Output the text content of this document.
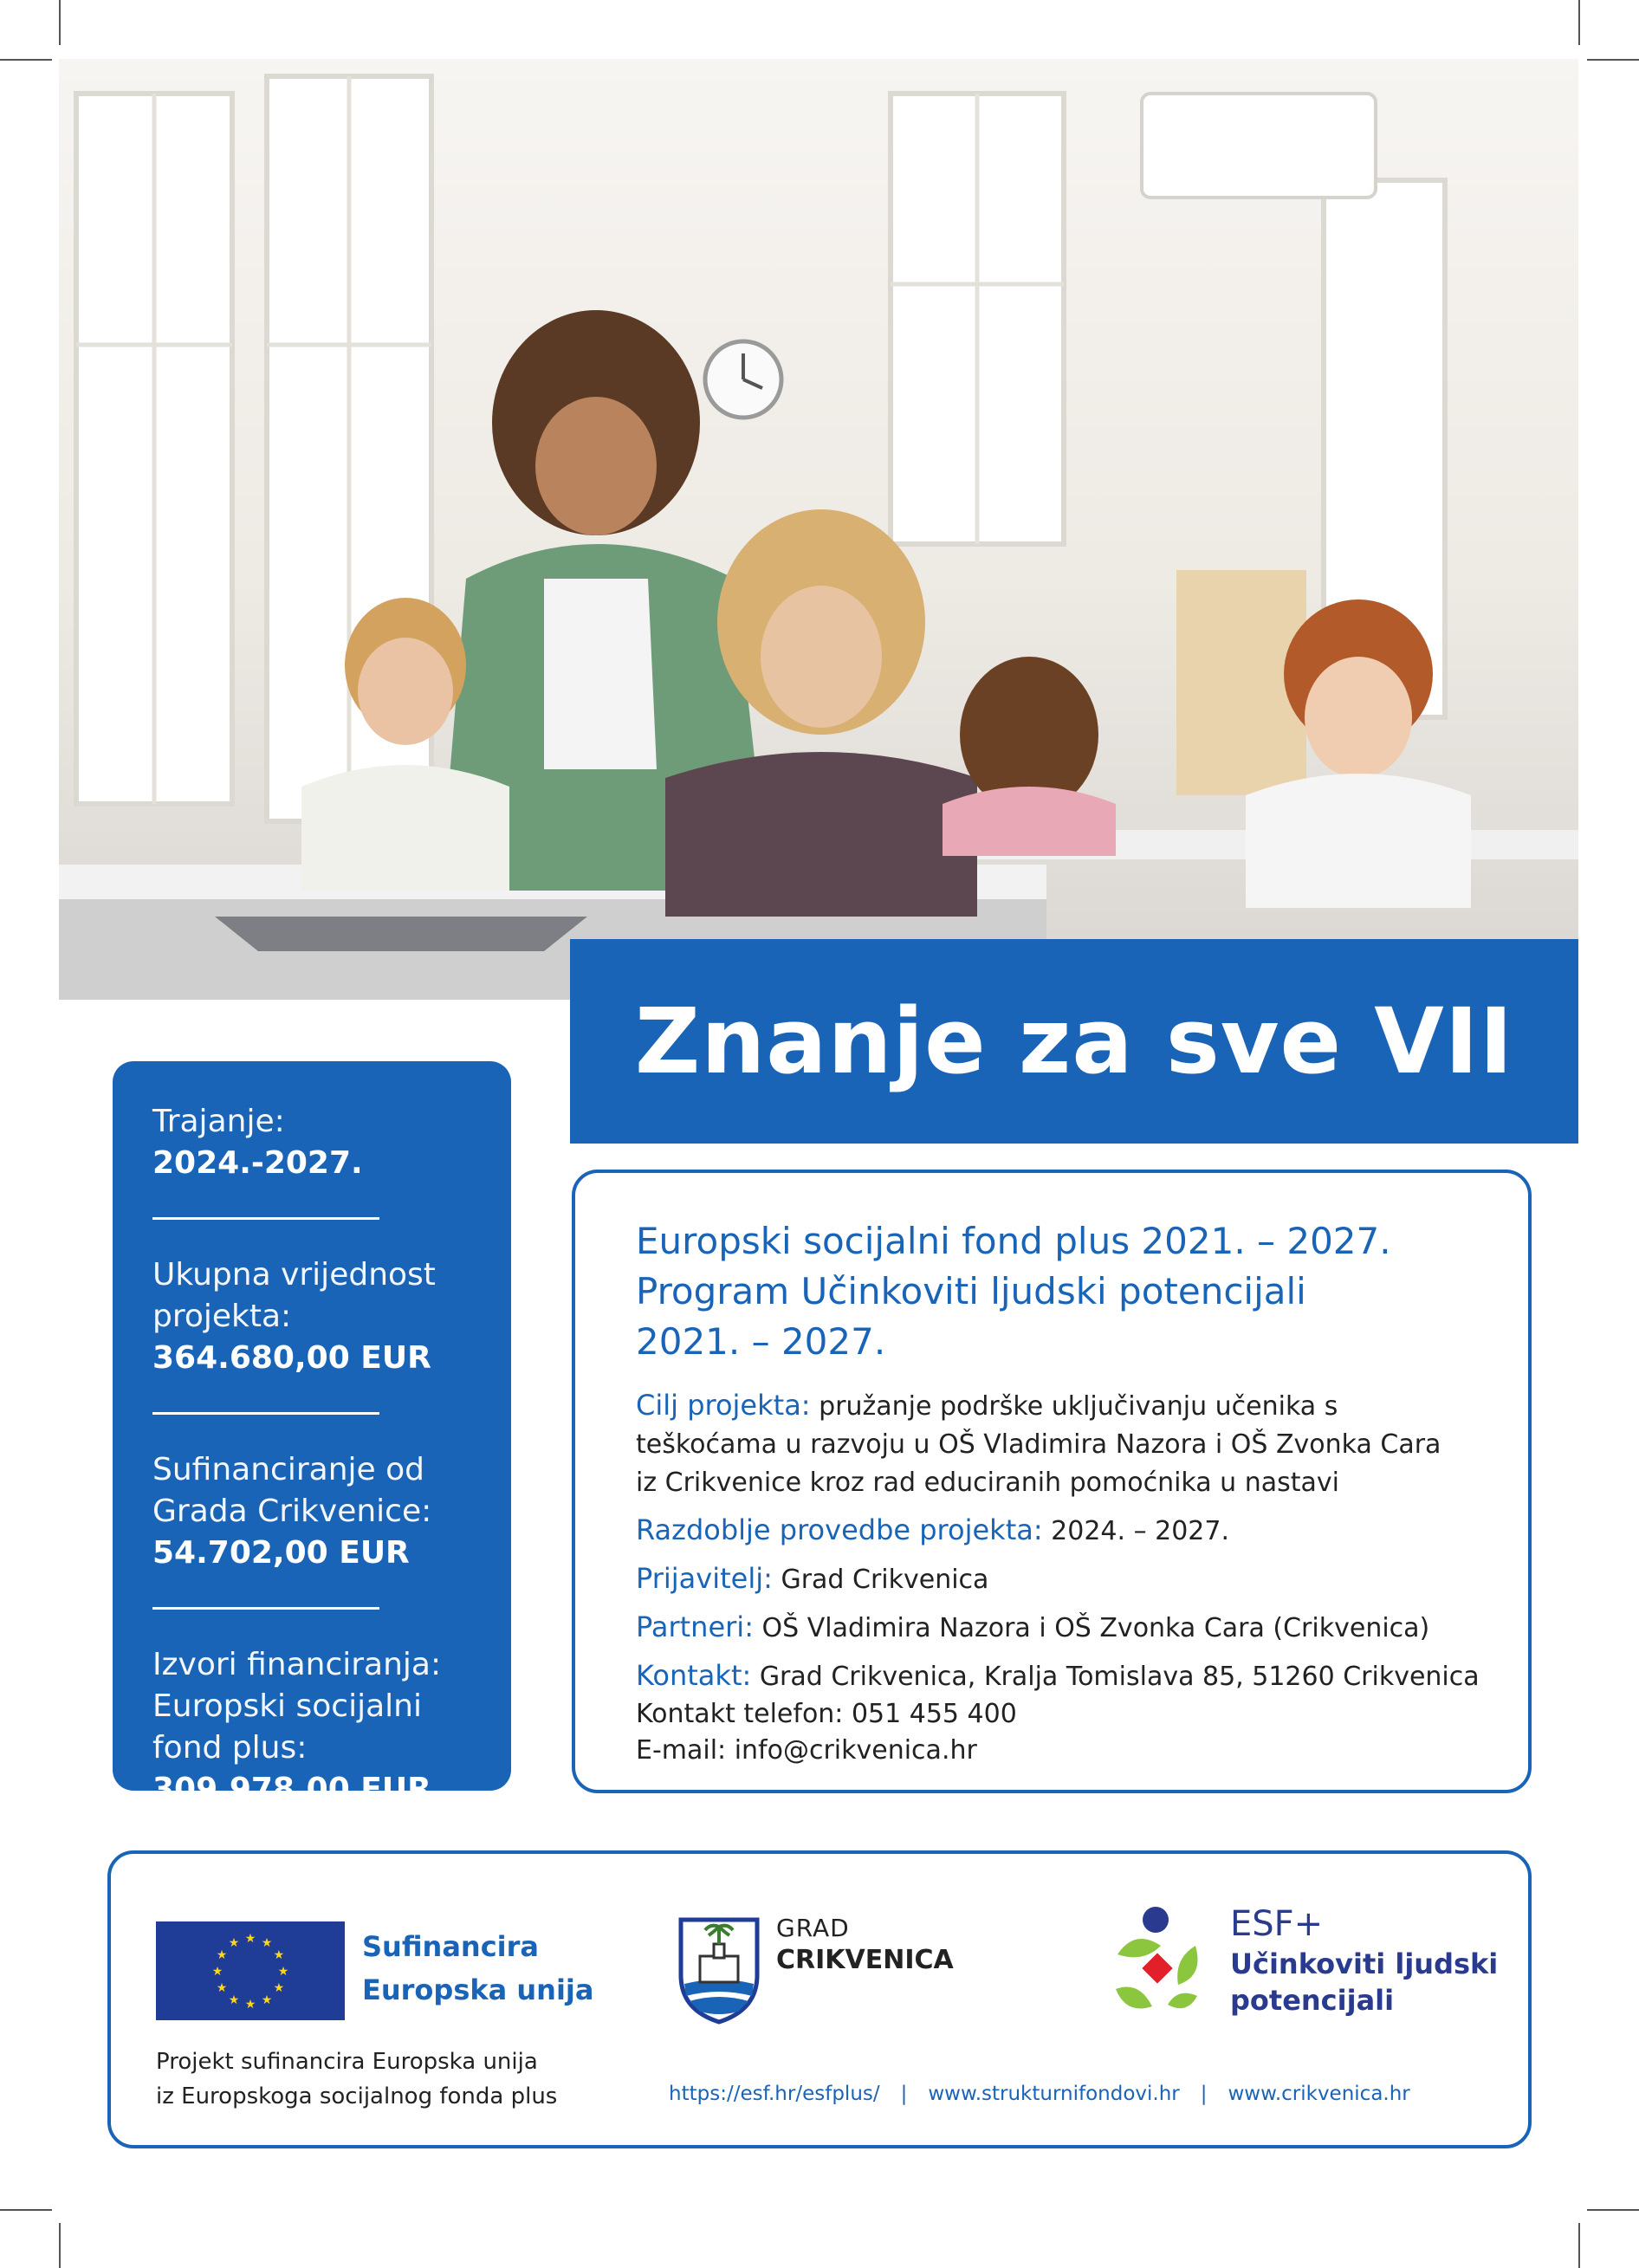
Znanje za sve VII
Trajanje:
2024.-2027.
Ukupna vrijednost
projekta:
364.680,00 EUR
Sufinanciranje od
Grada Crikvenice:
54.702,00 EUR
Izvori financiranja:
Europski socijalni
fond plus:
309.978,00 EUR
Europski socijalni fond plus 2021. – 2027.
Program Učinkoviti ljudski potencijali
2021. – 2027.
Cilj projekta: pružanje podrške uključivanju učenika s
teškoćama u razvoju u OŠ Vladimira Nazora i OŠ Zvonka Cara
iz Crikvenice kroz rad educiranih pomoćnika u nastavi
Razdoblje provedbe projekta: 2024. – 2027.
Prijavitelj: Grad Crikvenica
Partneri: OŠ Vladimira Nazora i OŠ Zvonka Cara (Crikvenica)
Kontakt: Grad Crikvenica, Kralja Tomislava 85, 51260 Crikvenica
Kontakt telefon: 051 455 400
E-mail: info@crikvenica.hr
★ ★
★
★
★
★
★
★
★
★
★
★	Sufinancira
Europska unija
Projekt sufinancira Europska unija
iz Europskoga socijalnog fonda plus
GRAD
CRIKVENICA
ESF+
Učinkoviti ljudski
potencijali
https://esf.hr/esfplus/ | www.strukturnifondovi.hr | www.crikvenica.hr
